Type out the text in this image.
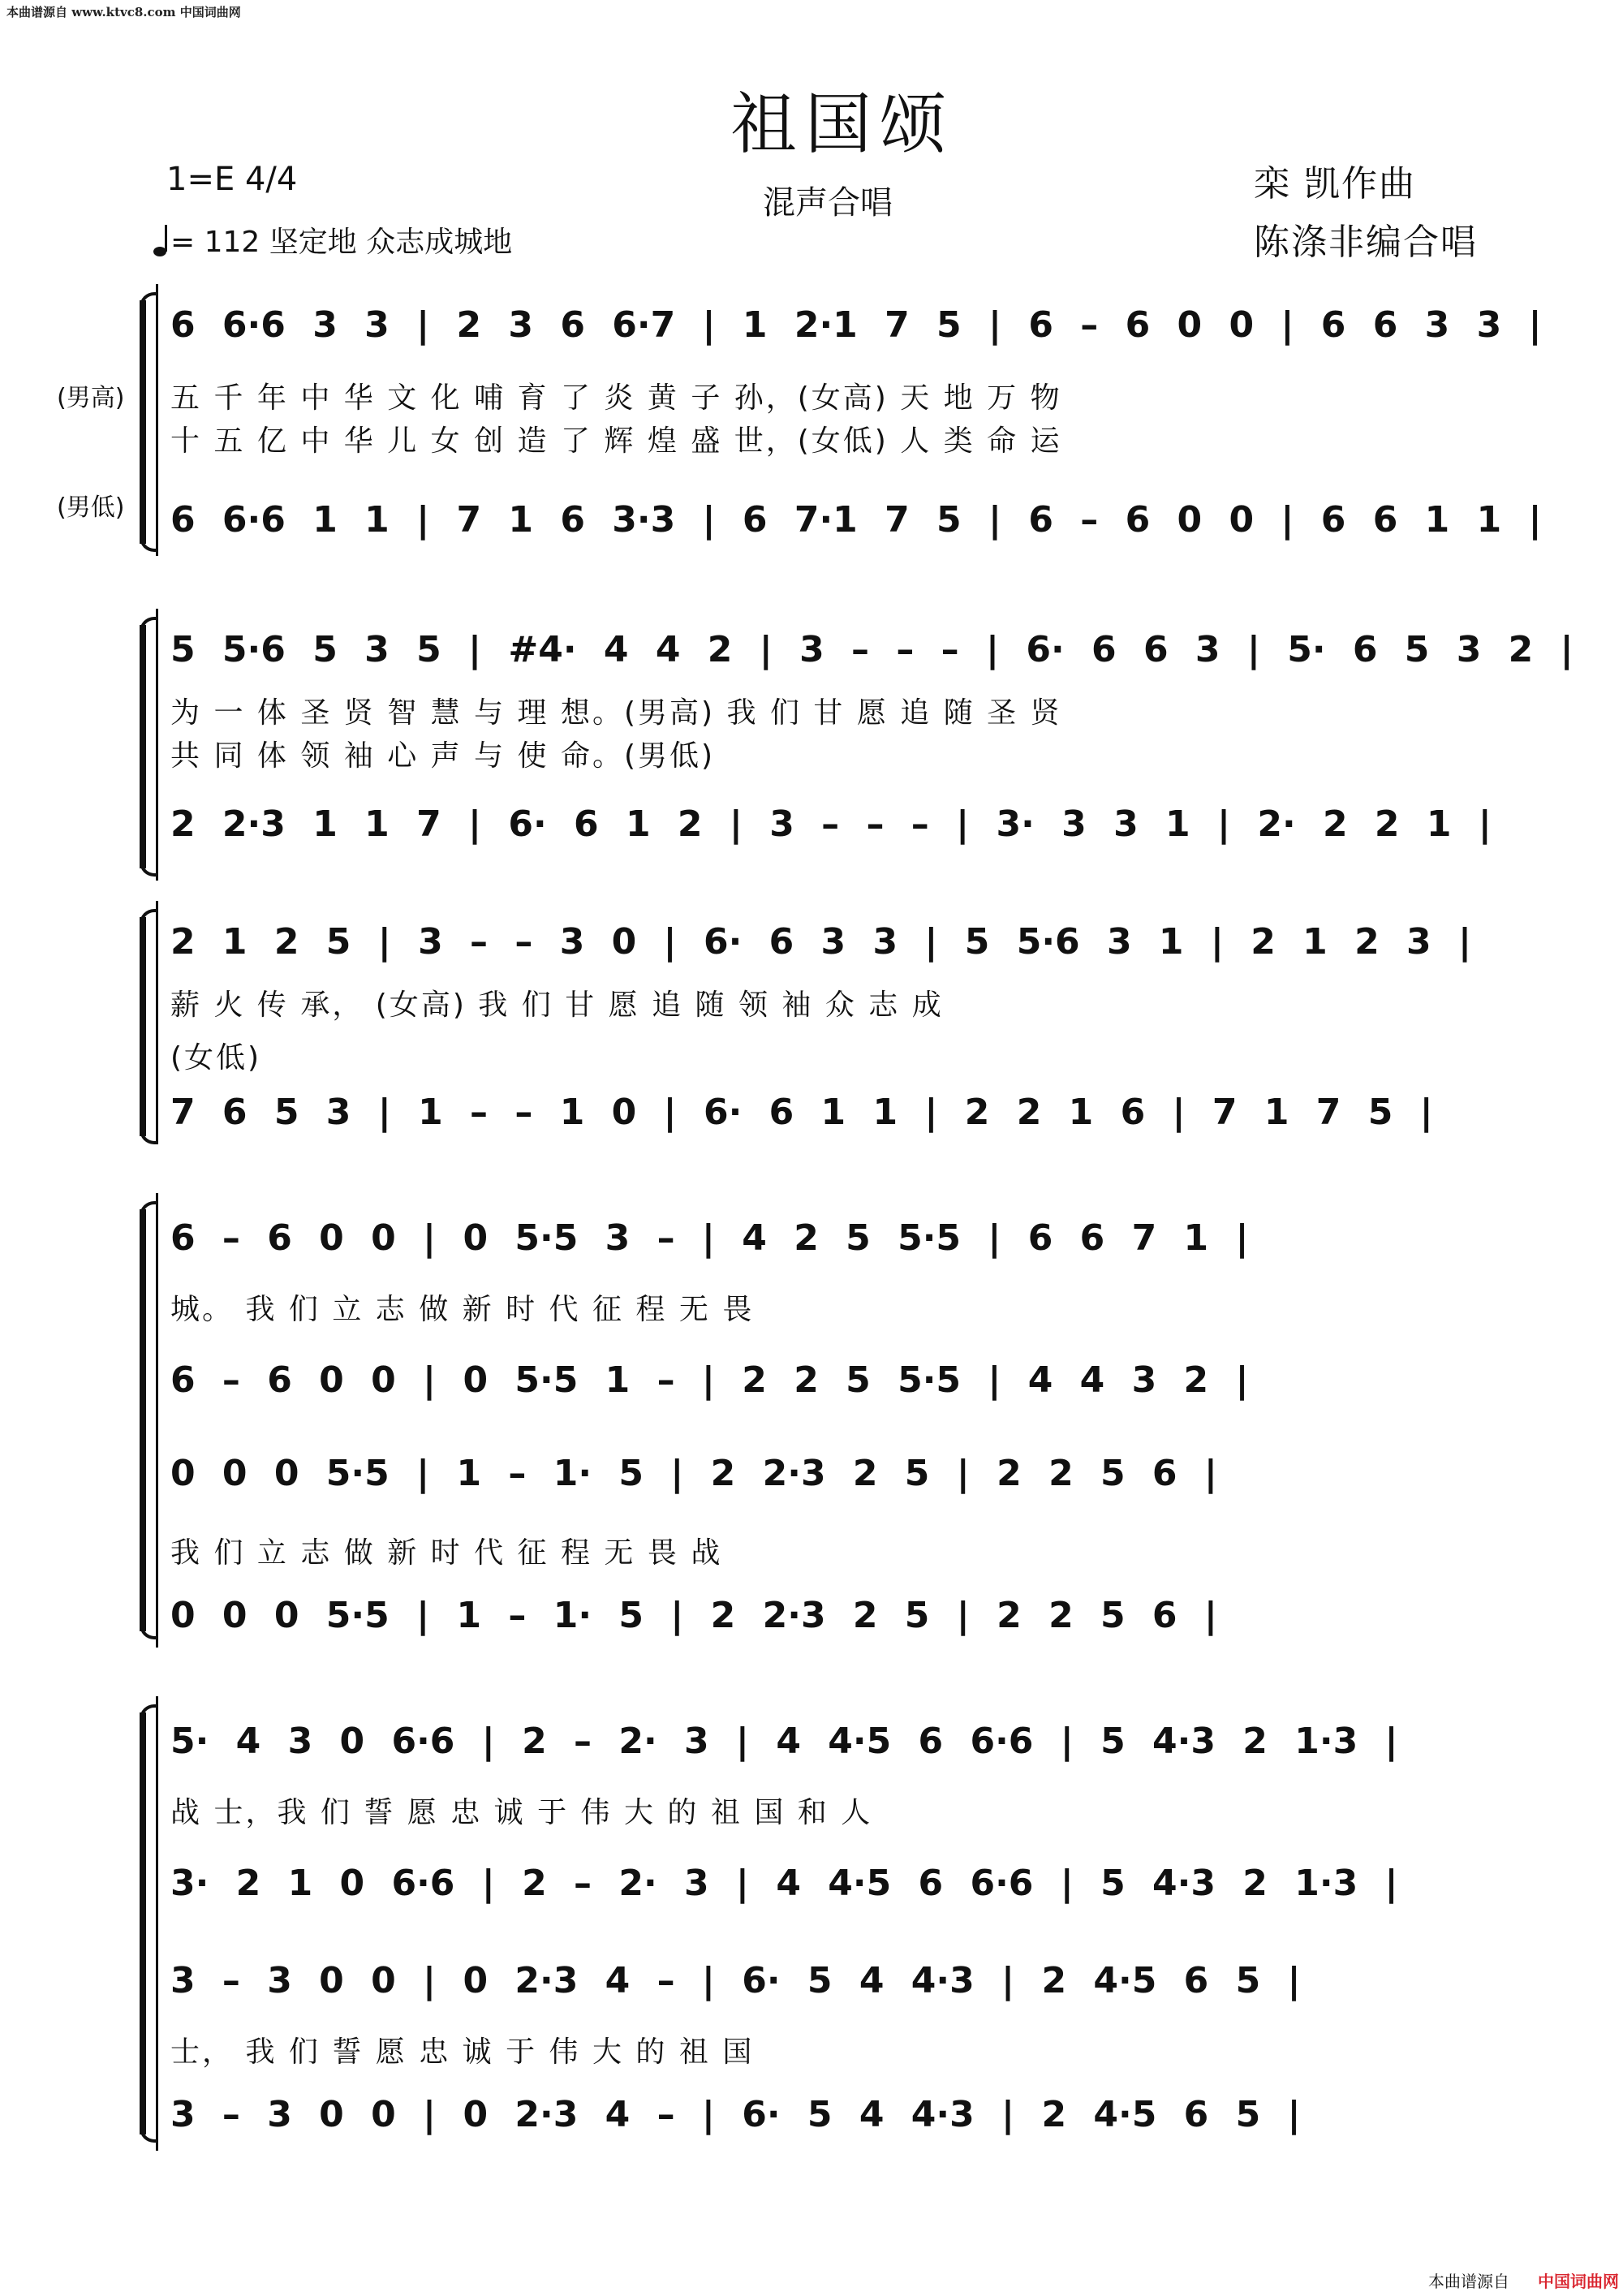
本曲谱源自 www.ktvc8.com 中国词曲网
祖国颂
1=E 4/4
混声合唱
= 112 坚定地 众志成城地
栾 凯作曲
陈涤非编合唱
(男高)
(男低)
6 6·6 3 3 | 2 3 6 6·7 | 1 2·1 7 5 | 6 – 6 0 0 | 6 6 3 3 |
五 千 年 中 华 文 化 哺 育 了 炎 黄 子 孙，(女高) 天 地 万 物
十 五 亿 中 华 儿 女 创 造 了 辉 煌 盛 世，(女低) 人 类 命 运
6 6·6 1 1 | 7 1 6 3·3 | 6 7·1 7 5 | 6 – 6 0 0 | 6 6 1 1 |
5 5·6 5 3 5 | #4· 4 4 2 | 3 – – – | 6· 6 6 3 | 5· 6 5 3 2 |
为 一 体 圣 贤 智 慧 与 理 想。(男高) 我 们 甘 愿 追 随 圣 贤
共 同 体 领 袖 心 声 与 使 命。(男低)
2 2·3 1 1 7 | 6· 6 1 2 | 3 – – – | 3· 3 3 1 | 2· 2 2 1 |
2 1 2 5 | 3 – – 3 0 | 6· 6 3 3 | 5 5·6 3 1 | 2 1 2 3 |
薪 火 传 承， (女高) 我 们 甘 愿 追 随 领 袖 众 志 成
(女低)
7 6 5 3 | 1 – – 1 0 | 6· 6 1 1 | 2 2 1 6 | 7 1 7 5 |
6 – 6 0 0 | 0 5·5 3 – | 4 2 5 5·5 | 6 6 7 1 |
城。 我 们 立 志 做 新 时 代 征 程 无 畏
6 – 6 0 0 | 0 5·5 1 – | 2 2 5 5·5 | 4 4 3 2 |
0 0 0 5·5 | 1 – 1· 5 | 2 2·3 2 5 | 2 2 5 6 |
我 们 立 志 做 新 时 代 征 程 无 畏 战
0 0 0 5·5 | 1 – 1· 5 | 2 2·3 2 5 | 2 2 5 6 |
5· 4 3 0 6·6 | 2 – 2· 3 | 4 4·5 6 6·6 | 5 4·3 2 1·3 |
战 士，我 们 誓 愿 忠 诚 于 伟 大 的 祖 国 和 人
3· 2 1 0 6·6 | 2 – 2· 3 | 4 4·5 6 6·6 | 5 4·3 2 1·3 |
3 – 3 0 0 | 0 2·3 4 – | 6· 5 4 4·3 | 2 4·5 6 5 |
士， 我 们 誓 愿 忠 诚 于 伟 大 的 祖 国
3 – 3 0 0 | 0 2·3 4 – | 6· 5 4 4·3 | 2 4·5 6 5 |
本曲谱源自 中国词曲网
